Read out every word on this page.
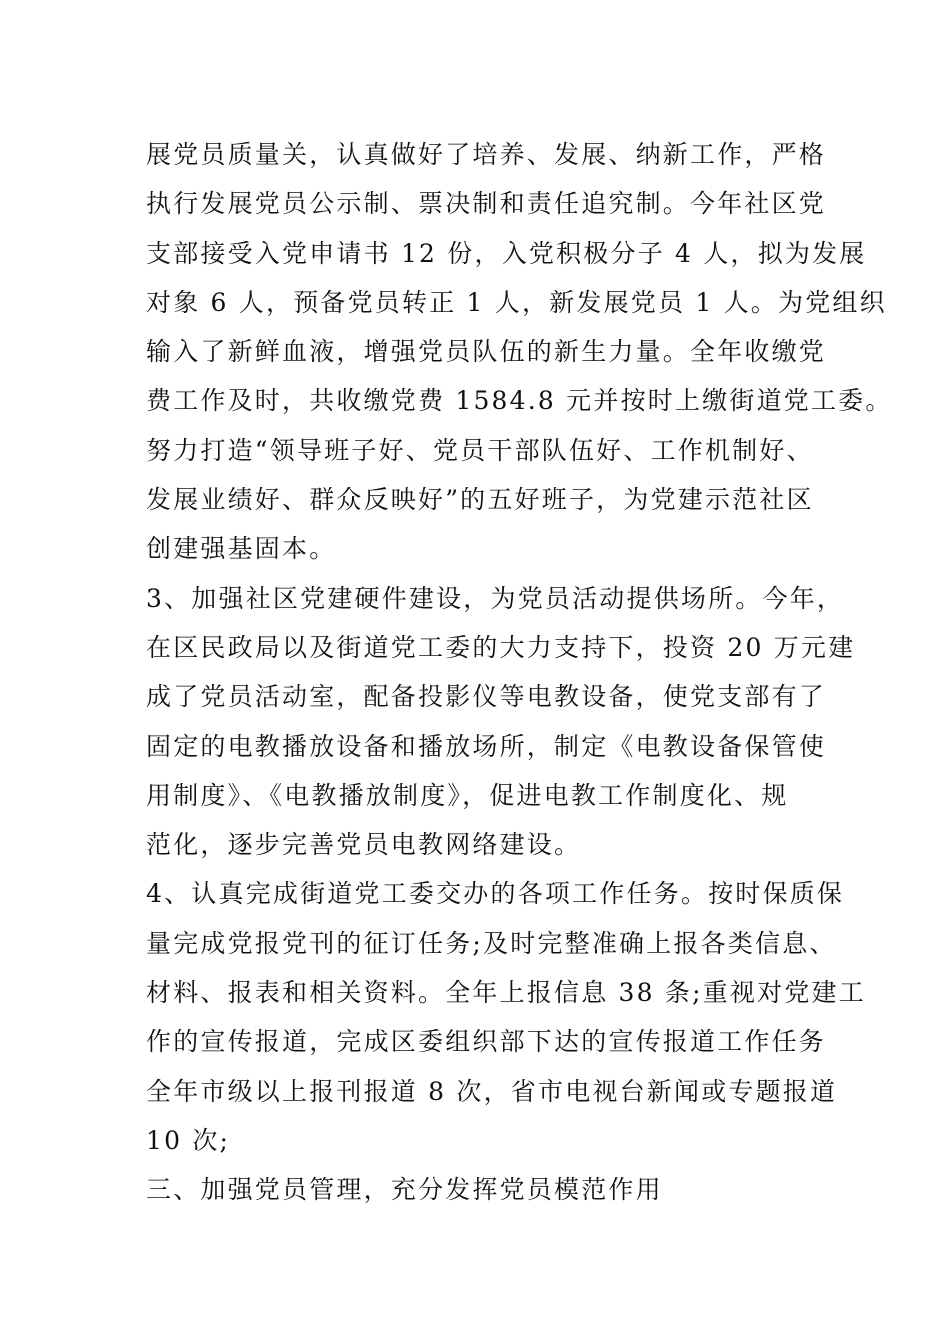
展党员质量关，认真做好了培养、发展、纳新工作，严格
执行发展党员公示制、票决制和责任追究制。今年社区党
支部接受入党申请书 12 份，入党积极分子 4 人，拟为发展
对象 6 人，预备党员转正 1 人，新发展党员 1 人。为党组织
输入了新鲜血液，增强党员队伍的新生力量。全年收缴党
费工作及时，共收缴党费 1584.8 元并按时上缴街道党工委。
努力打造“领导班子好、党员干部队伍好、工作机制好、
发展业绩好、群众反映好”的五好班子，为党建示范社区
创建强基固本。
3、加强社区党建硬件建设，为党员活动提供场所。今年，
在区民政局以及街道党工委的大力支持下，投资 20 万元建
成了党员活动室，配备投影仪等电教设备，使党支部有了
固定的电教播放设备和播放场所，制定《电教设备保管使
用制度》、《电教播放制度》，促进电教工作制度化、规
范化，逐步完善党员电教网络建设。
4、认真完成街道党工委交办的各项工作任务。按时保质保
量完成党报党刊的征订任务;及时完整准确上报各类信息、
材料、报表和相关资料。全年上报信息 38 条;重视对党建工
作的宣传报道，完成区委组织部下达的宣传报道工作任务
全年市级以上报刊报道 8 次，省市电视台新闻或专题报道
10 次;
三、加强党员管理，充分发挥党员模范作用
